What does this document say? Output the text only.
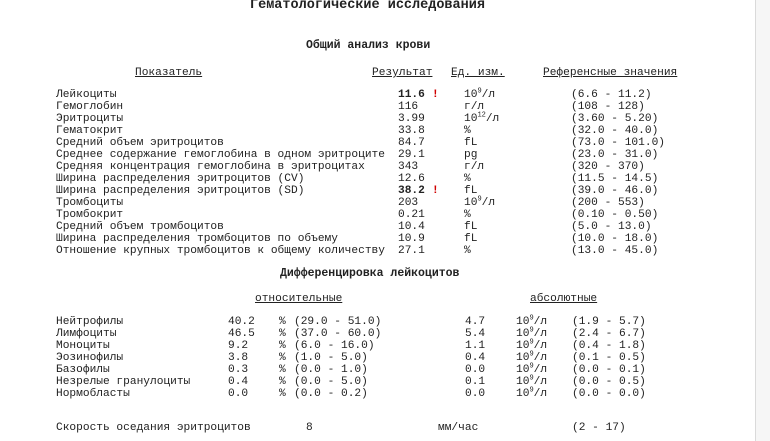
Гематологические исследования
Общий анализ крови
Показатель	Результат Ед. изм.	Референсные значения
Лейкоциты	11.6 ! $10^9/л$	(6.6 - 11.2)
Гемоглобин	116	г/л	(108 - 128)
Эритроциты	3.99	$10^{12}/л$	(3.60 - 5.20)
Гематокрит	33.8	%	(32.0 - 40.0)
Средний объем эритроцитов	84.7	fL	(73.0 - 101.0)
Среднее содержание гемоглобина в одном эритроците 29.1	pg	(23.0 - 31.0)
Средняя концентрация гемоглобина в эритроцитах	343	г/л	(320 - 370)
Ширина распределения эритроцитов (CV)	12.6	%	(11.5 - 14.5)
Ширина распределения эритроцитов (SD)	38.2 ! fL	(39.0 - 46.0)
Тромбоциты	203	$10^9/л$	(200 - 553)
Тромбокрит	0.21	%	(0.10 - 0.50)
Средний объем тромбоцитов	10.4	fL	(5.0 - 13.0)
Ширина распределения тромбоцитов по объему	10.9	fL	(10.0 - 18.0)
Отношение крупных тромбоцитов к общему количеству 27.1	%	(13.0 - 45.0)
Дифференцировка лейкоцитов
относительные	абсолютные
Нейтрофилы	40.2 % (29.0 - 51.0)	4.7	$10^9/л$ (1.9 - 5.7)
Лимфоциты	46.5 % (37.0 - 60.0)	5.4	$10^9/л$ (2.4 - 6.7)
Моноциты	9.2	% (6.0 - 16.0)	1.1	$10^9/л$ (0.4 - 1.8)
Эозинофилы	3.8	% (1.0 - 5.0)	0.4	$10^9/л$ (0.1 - 0.5)
Базофилы	0.3	% (0.0 - 1.0)	0.0	$10^9/л$ (0.0 - 0.1)
Незрелые гранулоциты	0.4	% (0.0 - 5.0)	0.1	$10^9/л$ (0.0 - 0.5)
Нормобласты	0.0	% (0.0 - 0.2)	0.0	$10^9/л$ (0.0 - 0.0)
Скорость оседания эритроцитов	8	мм/час	(2 - 17)
